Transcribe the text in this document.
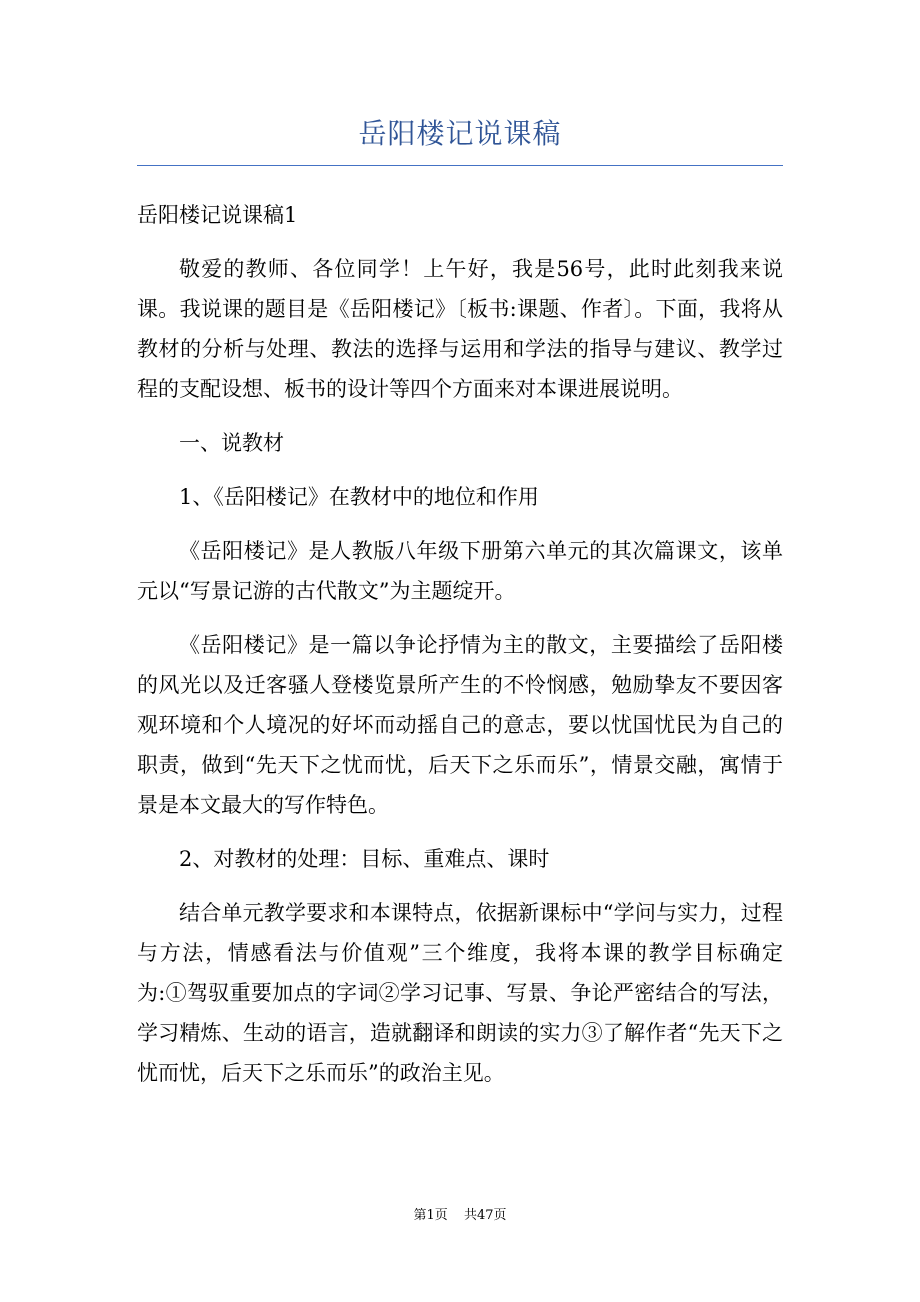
岳阳楼记说课稿

岳阳楼记说课稿1

敬爱的教师、各位同学！上午好，我是56号，此时此刻我来说课。我说课的题目是《岳阳楼记》〔板书:课题、作者〕。下面，我将从教材的分析与处理、教法的选择与运用和学法的指导与建议、教学过程的支配设想、板书的设计等四个方面来对本课进展说明。

一、说教材

1、《岳阳楼记》在教材中的地位和作用

《岳阳楼记》是人教版八年级下册第六单元的其次篇课文，该单元以“写景记游的古代散文”为主题绽开。

《岳阳楼记》是一篇以争论抒情为主的散文，主要描绘了岳阳楼的风光以及迁客骚人登楼览景所产生的不怜悯感，勉励挚友不要因客观环境和个人境况的好坏而动摇自己的意志，要以忧国忧民为自己的职责，做到“先天下之忧而忧，后天下之乐而乐”，情景交融，寓情于景是本文最大的写作特色。

2、对教材的处理：目标、重难点、课时

结合单元教学要求和本课特点，依据新课标中“学问与实力，过程与方法，情感看法与价值观”三个维度，我将本课的教学目标确定为:①驾驭重要加点的字词②学习记事、写景、争论严密结合的写法，学习精炼、生动的语言，造就翻译和朗读的实力③了解作者“先天下之忧而忧，后天下之乐而乐”的政治主见。

第1页 共47页
